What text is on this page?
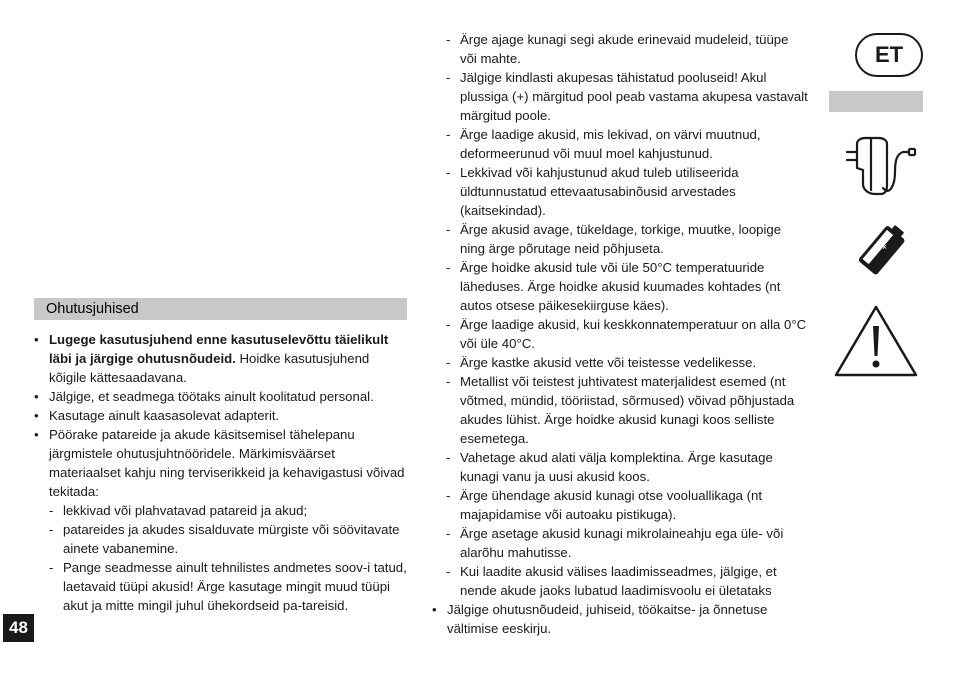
Ohutusjuhised
• Lugege kasutusjuhend enne kasutuselevõttu täielikult läbi ja järgige ohutusnõudeid. Hoidke kasutusjuhend kõigile kättesaadavana.
• Jälgige, et seadmega töötaks ainult koolitatud personal.
• Kasutage ainult kaasasolevat adapterit.
• Pöörake patareide ja akude käsitsemisel tähelepanu järgmistele ohutusjuhtnööridele. Märkimisväärset materiaalset kahju ning terviserikkeid ja kehavigastusi võivad tekitada:
- lekkivad või plahvatavad patareid ja akud;
- patareides ja akudes sisalduvate mürgiste või söövitavate ainete vabanemine.
- Pange seadmesse ainult tehnilistes andmetes soov-i tatud, laetavaid tüüpi akusid! Ärge kasutage mingit muud tüüpi akut ja mitte mingil juhul ühekordseid pa-tareisid.
- Ärge ajage kunagi segi akude erinevaid mudeleid, tüüpe või mahte.
- Jälgige kindlasti akupesas tähistatud pooluseid! Akul plussiga (+) märgitud pool peab vastama akupesa vastavalt märgitud poole.
- Ärge laadige akusid, mis lekivad, on värvi muutnud, deformeerunud või muul moel kahjustunud.
- Lekkivad või kahjustunud akud tuleb utiliseerida üldtunnustatud ettevaatusabinõusid arvestades (kaitsekindad).
- Ärge akusid avage, tükeldage, torkige, muutke, loopige ning ärge põrutage neid põhjuseta.
- Ärge hoidke akusid tule või üle 50°C temperatuuride läheduses. Ärge hoidke akusid kuumades kohtades (nt autos otsese päikesekiirguse käes).
- Ärge laadige akusid, kui keskkonnatemperatuur on alla 0°C või üle 40°C.
- Ärge kastke akusid vette või teistesse vedelikesse.
- Metallist või teistest juhtivatest materjalidest esemed (nt võtmed, mündid, tööriistad, sõrmused) võivad põhjustada akudes lühist. Ärge hoidke akusid kunagi koos selliste esemetega.
- Vahetage akud alati välja komplektina. Ärge kasutage kunagi vanu ja uusi akusid koos.
- Ärge ühendage akusid kunagi otse vooluallikaga (nt majapidamise või autoaku pistikuga).
- Ärge asetage akusid kunagi mikrolaineahju ega üle- või alarõhu mahutisse.
- Kui laadite akusid välises laadimisseadmes, jälgige, et nende akude jaoks lubatud laadimisvoolu ei ületataks
• Jälgige ohutusnõudeid, juhiseid, töökaitse- ja õnnetuse vältimise eeskirju.
48
ET
+
